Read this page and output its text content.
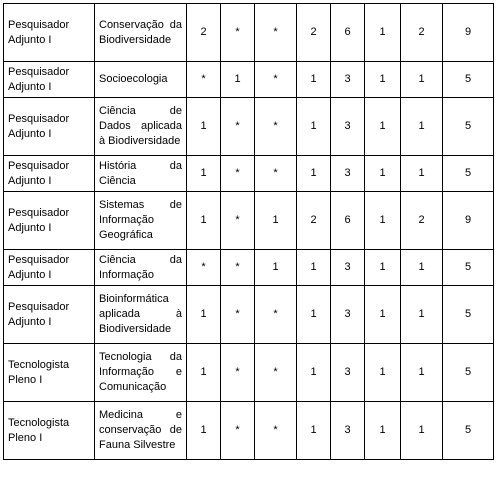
Pesquisador Adjunto I	Conservação da Biodiversidade	2	*	*	2	6	1	2	9
Pesquisador Adjunto I	Socioecologia	*	1	*	1	3	1	1	5
Pesquisador Adjunto I	Ciência de Dados aplicada à Biodiversidade	1	*	*	1	3	1	1	5
Pesquisador Adjunto I	História da Ciência	1	*	*	1	3	1	1	5
Pesquisador Adjunto I	Sistemas de Informação Geográfica	1	*	1	2	6	1	2	9
Pesquisador Adjunto I	Ciência da Informação	*	*	1	1	3	1	1	5
Pesquisador Adjunto I	Bioinformática aplicada à Biodiversidade	1	*	*	1	3	1	1	5
Tecnologista Pleno I	Tecnologia da Informação e Comunicação	1	*	*	1	3	1	1	5
Tecnologista Pleno I	Medicina e conservação de Fauna Silvestre	1	*	*	1	3	1	1	5
